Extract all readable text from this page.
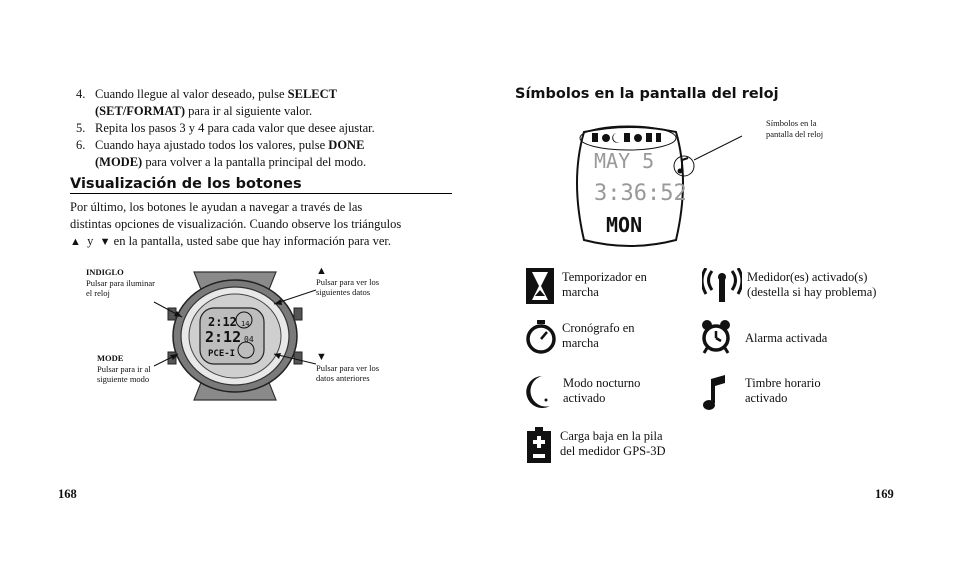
4. Cuando llegue al valor deseado, pulse SELECT
(SET/FORMAT) para ir al siguiente valor.
5. Repita los pasos 3 y 4 para cada valor que desee ajustar.
6. Cuando haya ajustado todos los valores, pulse DONE
(MODE) para volver a la pantalla principal del modo.
Visualización de los botones
Por último, los botones le ayudan a navegar a través de las
distintas opciones de visualización. Cuando observe los triángulos
▲ y ▼ en la pantalla, usted sabe que hay información para ver.
INDIGLO
Pulsar para iluminar
el reloj
MODE
Pulsar para ir al
siguiente modo
▲
Pulsar para ver los
siguientes datos
▼
Pulsar para ver los
datos anteriores
2:12 14
2:12 04
PCE-I
168
Símbolos en la pantalla del reloj
MAY 5
3:36:52
MON
Símbolos en la
pantalla del reloj
Temporizador en
marcha
Medidor(es) activado(s)
(destella si hay problema)
Cronógrafo en
marcha	Alarma activada
Modo nocturno
activado
Timbre horario
activado
Carga baja en la pila
del medidor GPS-3D
169
